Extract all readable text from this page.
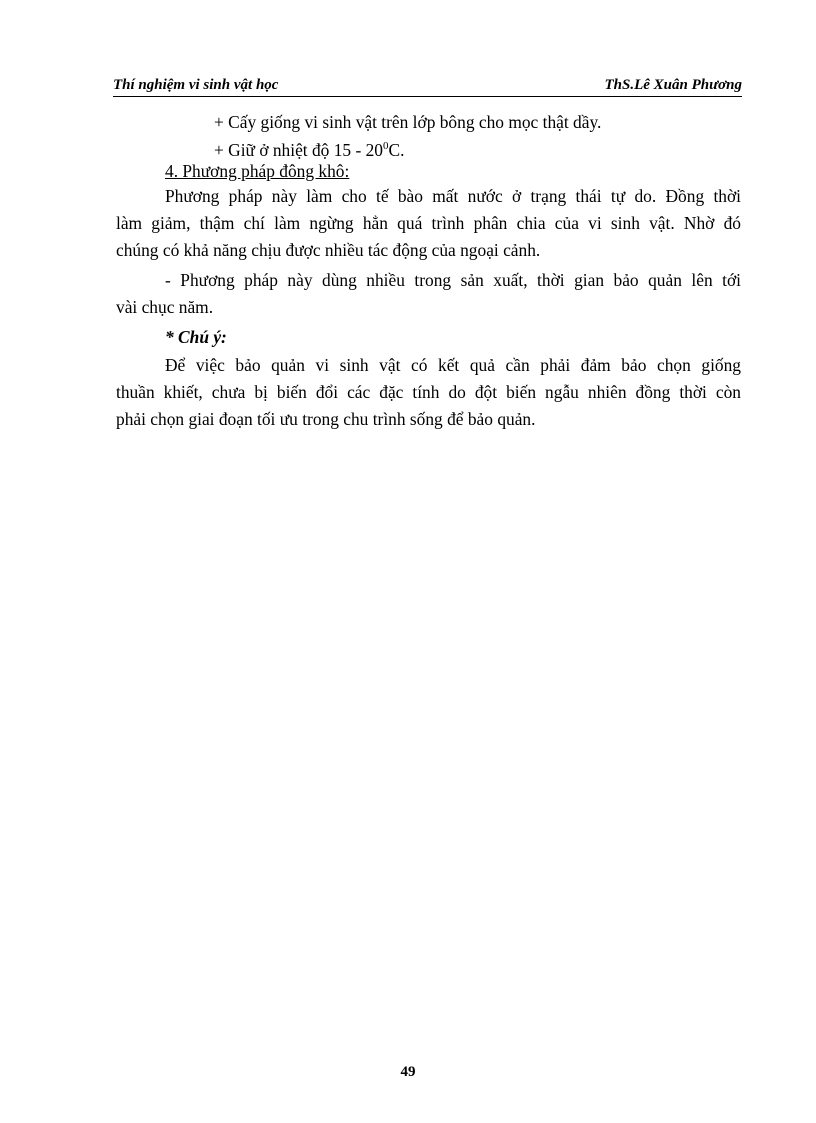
Thí nghiệm vi sinh vật học	ThS.Lê Xuân Phương
+ Cấy giống vi sinh vật trên lớp bông cho mọc thật dầy.
+ Giữ ở nhiệt độ $15 - 20^0C$.
4. Phương pháp đông khô:
Phương pháp này làm cho tế bào mất nước ở trạng thái tự do. Đồng thời
làm giảm, thậm chí làm ngừng hẳn quá trình phân chia của vi sinh vật. Nhờ đó
chúng có khả năng chịu được nhiều tác động của ngoại cảnh.
- Phương pháp này dùng nhiều trong sản xuất, thời gian bảo quản lên tới
vài chục năm.
* Chú ý:
Để việc bảo quản vi sinh vật có kết quả cần phải đảm bảo chọn giống
thuần khiết, chưa bị biến đổi các đặc tính do đột biến ngẫu nhiên đồng thời còn
phải chọn giai đoạn tối ưu trong chu trình sống để bảo quản.
49
